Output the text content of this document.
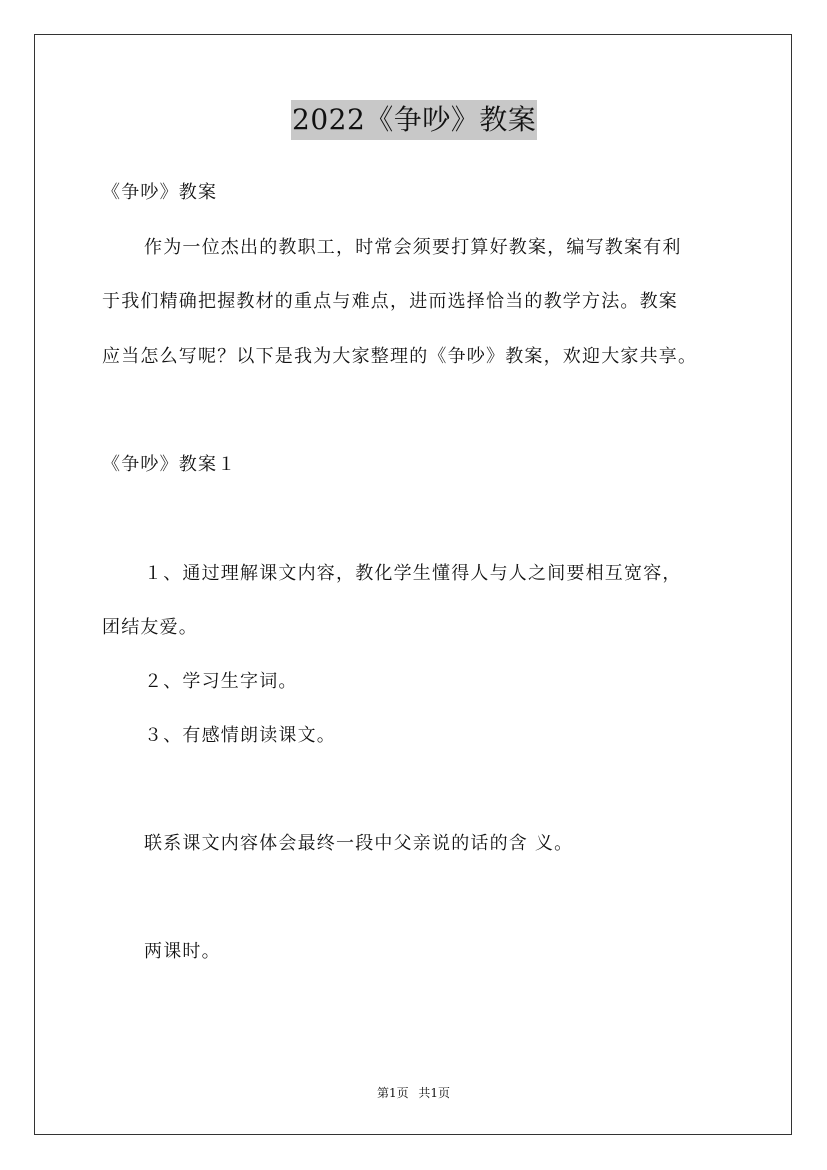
2022《争吵》教案
《争吵》教案
作为一位杰出的教职工，时常会须要打算好教案，编写教案有利
于我们精确把握教材的重点与难点，进而选择恰当的教学方法。教案
应当怎么写呢？以下是我为大家整理的《争吵》教案，欢迎大家共享。
《争吵》教案１
１、通过理解课文内容，教化学生懂得人与人之间要相互宽容，
团结友爱。
２、学习生字词。
３、有感情朗读课文。
联系课文内容体会最终一段中父亲说的话的含 义。
两课时。
第1页 共1页
